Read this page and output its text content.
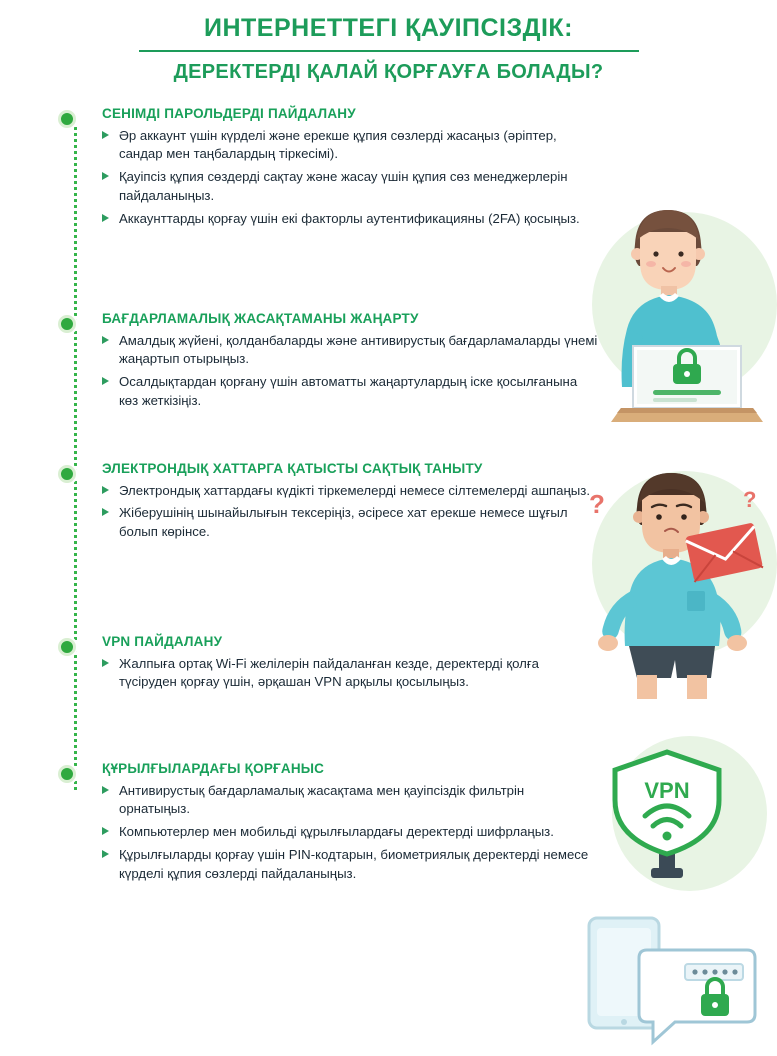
ИНТЕРНЕТТЕГІ ҚАУІПСІЗДІК:
ДЕРЕКТЕРДІ ҚАЛАЙ ҚОРҒАУҒА БОЛАДЫ?
СЕНІМДІ ПАРОЛЬДЕРДІ ПАЙДАЛАНУ
Әр аккаунт үшін күрделі және ерекше құпия сөзлерді жасаңыз (әріптер, сандар мен таңбалардың тіркесімі).
Қауіпсіз құпия сөздерді сақтау және жасау үшін құпия сөз менеджерлерін пайдаланыңыз.
Аккаунттарды қорғау үшін екі факторлы аутентификацияны (2FA) қосыңыз.
БАҒДАРЛАМАЛЫҚ ЖАСАҚТАМАНЫ ЖАҢАРТУ
Амалдық жүйені, қолданбаларды және антивирустық бағдарламаларды үнемі жаңартып отырыңыз.
Осалдықтардан қорғану үшін автоматты жаңартулардың іске қосылғанына көз жеткізіңіз.
ЭЛЕКТРОНДЫҚ ХАТТАРГА ҚАТЫСТЫ САҚТЫҚ ТАНЫТУ
Электрондық хаттардағы күдікті тіркемелерді немесе сілтемелерді ашпаңыз.
Жіберушінің шынайылығын тексеріңіз, әсіресе хат ерекше немесе шұғыл болып көрінсе.
VPN ПАЙДАЛАНУ
Жалпыға ортақ Wi-Fi желілерін пайдаланған кезде, деректерді қолға түсіруден қорғау үшін, әрқашан VPN арқылы қосылыңыз.
ҚҰРЫЛҒЫЛАРДАҒЫ ҚОРҒАНЫС
Антивирустық бағдарламалық жасақтама мен қауіпсіздік фильтрін орнатыңыз.
Компьютерлер мен мобильді құрылғылардағы деректерді шифрлаңыз.
Құрылғыларды қорғау үшін PIN-кодтарын, биометриялық деректерді немесе күрделі құпия сөзлерді пайдаланыңыз.
?	?
VPN
